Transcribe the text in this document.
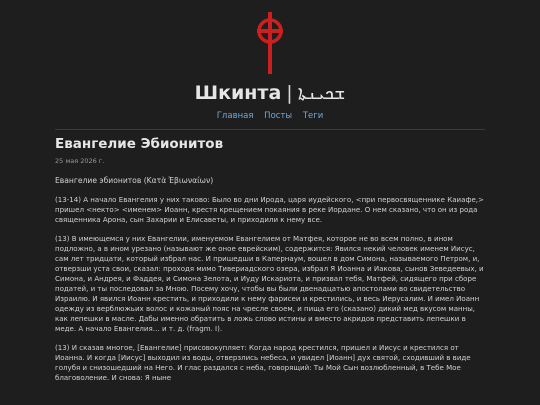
Шкинта | ܫܟܝܢܬܐ
Главная Посты Теги
Евангелие Эбионитов
25 мая 2026 г.

Евангелие эбионитов (Κατὰ Ἐβιωναίων)

(13-14) А начало Евангелия у них таково: Было во дни Ирода, царя иудейского, <при первосвященнике Каиафе,> пришел <некто> <именем> Иоанн, крестя крещением покаяния в реке Иордане. О нем сказано, что он из рода священника Арона, сын Захарии и Елисаветы, и приходили к нему все.

(13) В имеющемся у них Евангелии, именуемом Евангелием от Матфея, которое не во всем полно, в ином подложно, а в ином урезано (называют же оное еврейским), содержится: Явился некий человек именем Иисус, сам лет тридцати, который избрал нас. И пришедши в Капернаум, вошел в дом Симона, называемого Петром, и, отверзши уста свои, сказал: проходя мимо Тивериадского озера, избрал Я Иоанна и Иакова, сынов Зеведеевых, и Симона, и Андрея, и Фаддея, и Симона Зелота, и Иуду Искариота, и призвал тебя, Матфей, сидящего при сборе податей, и ты последовал за Мною. Посему хочу, чтобы вы были двенадцатью апостолами во свидетельство Израилю. И явился Иоанн крестить, и приходили к нему фарисеи и крестились, и весь Иерусалим. И имел Иоанн одежду из верблюжьих волос и кожаный пояс на чресле своем, и пища его (сказано) дикий мед вкусом манны, как лепешки в масле. Дабы именно обратить в ложь слово истины и вместо акридов представить лепешки в меде. А начало Евангелия… и т. д. (fragm. I).

(13) И сказав многое, [Евангелие] присовокупляет: Когда народ крестился, пришел и Иисус и крестился от Иоанна. И когда [Иисус] выходил из воды, отверзлись небеса, и увидел [Иоанн] дух святой, сходивший в виде голубя и снизошедший на Него. И глас раздался с неба, говорящий: Ты Мой Сын возлюбленный, в Тебе Мое благоволение. И снова: Я ныне
